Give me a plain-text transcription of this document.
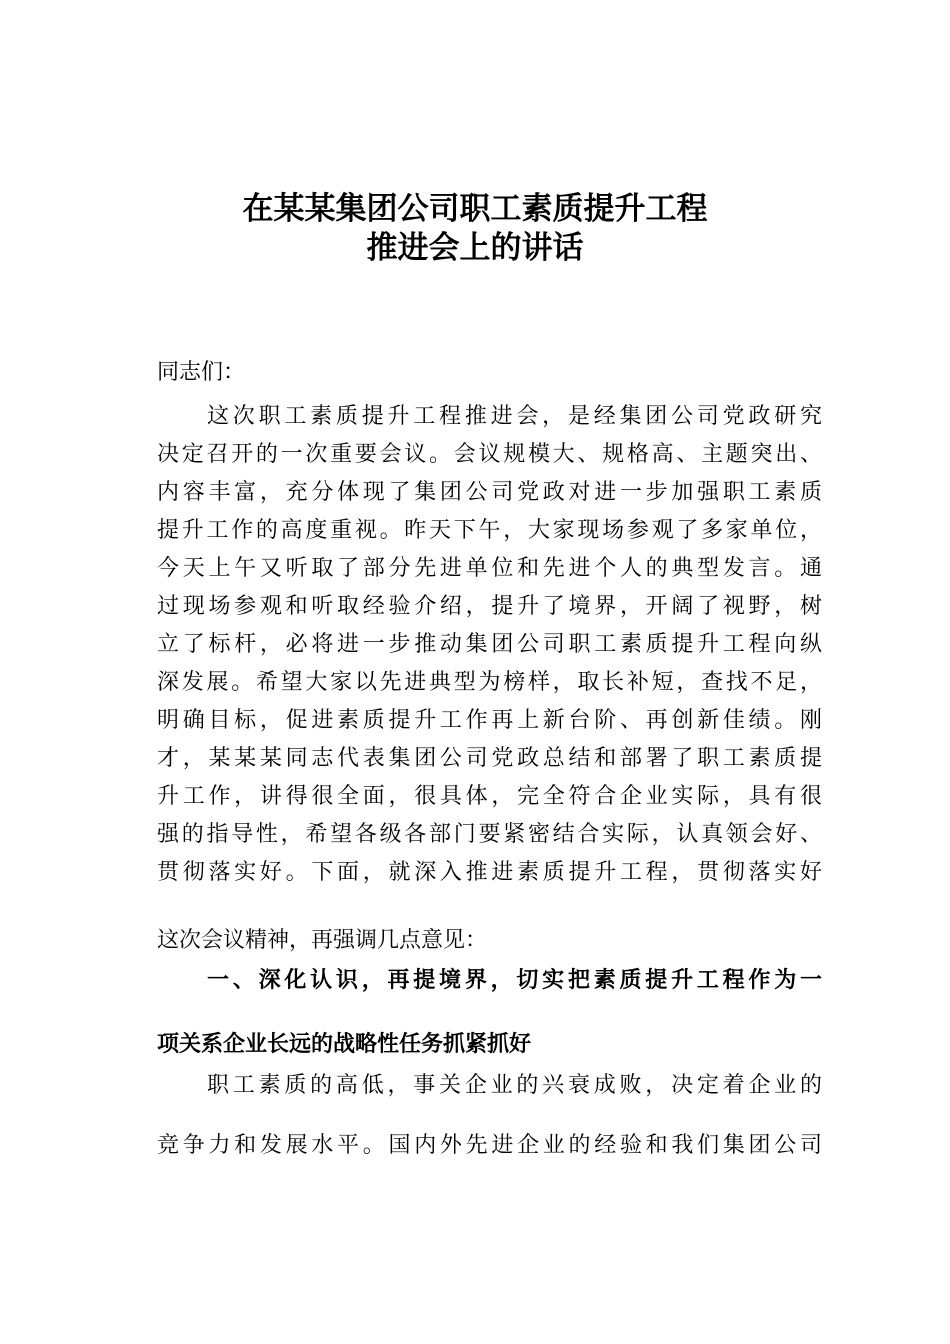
在某某集团公司职工素质提升工程
推进会上的讲话
同志们：
这次职工素质提升工程推进会，是经集团公司党政研究
决定召开的一次重要会议。会议规模大、规格高、主题突出、
内容丰富，充分体现了集团公司党政对进一步加强职工素质
提升工作的高度重视。昨天下午，大家现场参观了多家单位，
今天上午又听取了部分先进单位和先进个人的典型发言。通
过现场参观和听取经验介绍，提升了境界，开阔了视野，树
立了标杆，必将进一步推动集团公司职工素质提升工程向纵
深发展。希望大家以先进典型为榜样，取长补短，查找不足，
明确目标，促进素质提升工作再上新台阶、再创新佳绩。刚
才，某某某同志代表集团公司党政总结和部署了职工素质提
升工作，讲得很全面，很具体，完全符合企业实际，具有很
强的指导性，希望各级各部门要紧密结合实际，认真领会好、
贯彻落实好。下面，就深入推进素质提升工程，贯彻落实好
这次会议精神，再强调几点意见：
一、深化认识，再提境界，切实把素质提升工程作为一
项关系企业长远的战略性任务抓紧抓好
职工素质的高低，事关企业的兴衰成败，决定着企业的
竞争力和发展水平。国内外先进企业的经验和我们集团公司
